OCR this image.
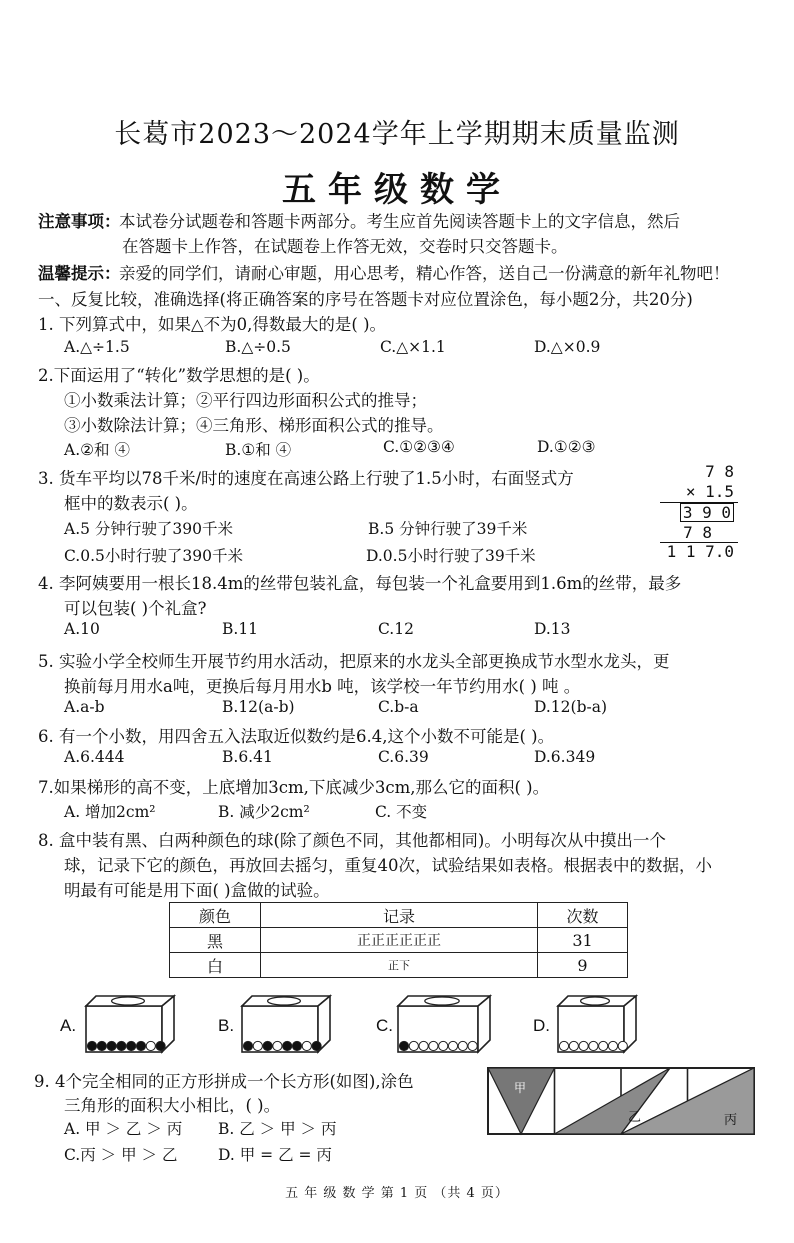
长葛市2023～2024学年上学期期末质量监测
五年级数学
注意事项：
本试卷分试题卷和答题卡两部分。考生应首先阅读答题卡上的文字信息，然后
在答题卡上作答，在试题卷上作答无效，交卷时只交答题卡。
温馨提示：
亲爱的同学们，请耐心审题，用心思考，精心作答，送自己一份满意的新年礼物吧！
一、反复比较，准确选择(将正确答案的序号在答题卡对应位置涂色，每小题2分，共20分)
1. 下列算式中，如果△不为0,得数最大的是( )。
A.△÷1.5	B.△÷0.5	C.△×1.1	D.△×0.9
2.下面运用了“转化”数学思想的是( )。
①小数乘法计算；②平行四边形面积公式的推导；
③小数除法计算；④三角形、梯形面积公式的推导。
A.②和 ④	B.①和 ④	C.①②③④	D.①②③
3. 货车平均以78千米/时的速度在高速公路上行驶了1.5小时，右面竖式方
框中的数表示( )。
A.5 分钟行驶了390千米	B.5 分钟行驶了39千米
C.0.5小时行驶了390千米	D.0.5小时行驶了39千米
7 8
× 1.5
3 9 0
7 8
1 1 7.0
4. 李阿姨要用一根长18.4m的丝带包装礼盒，每包装一个礼盒要用到1.6m的丝带，最多
可以包装( )个礼盒?
A.10	B.11	C.12	D.13
5. 实验小学全校师生开展节约用水活动，把原来的水龙头全部更换成节水型水龙头，更
换前每月用水a吨，更换后每月用水b 吨，该学校一年节约用水( ) 吨 。
A.a-b	B.12(a-b)	C.b-a	D.12(b-a)
6. 有一个小数，用四舍五入法取近似数约是6.4,这个小数不可能是( )。
A.6.444	B.6.41	C.6.39	D.6.349
7.如果梯形的高不变，上底增加3cm,下底减少3cm,那么它的面积( )。
A. 增加2cm²	B. 减少2cm²	C. 不变
8. 盒中装有黑、白两种颜色的球(除了颜色不同，其他都相同)。小明每次从中摸出一个
球，记录下它的颜色，再放回去摇匀，重复40次，试验结果如表格。根据表中的数据，小
明最有可能是用下面( )盒做的试验。
颜色	记录	次数
黑	正正正正正正	31
白	正下	9
A.	B.	C.	D.
9. 4个完全相同的正方形拼成一个长方形(如图),涂色
三角形的面积大小相比，( )。
A. 甲 ＞ 乙 ＞ 丙 B. 乙 ＞ 甲 ＞ 丙
C.丙 ＞ 甲 ＞ 乙	D. 甲 = 乙 = 丙
甲
乙	丙
五 年 级 数 学 第 1 页 （共 4 页）
